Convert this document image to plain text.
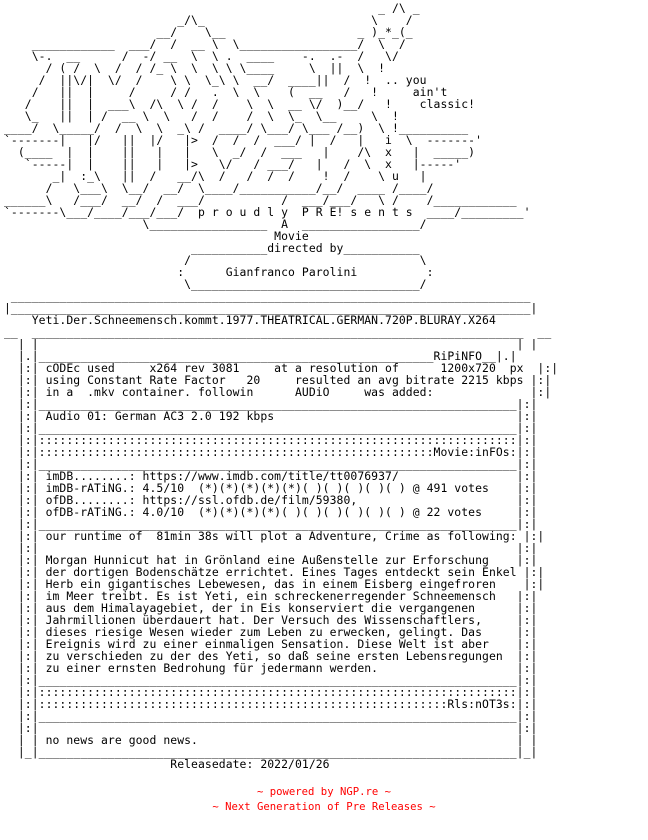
_ /\ _
_/\_                        \    /
__/    \__                   _ )_*_(_
____________  ___/  /  __ \  \_________________/  \  /
\-.  __      /  -/ __  \  \ .  ____    -.  .-  /   \/
/ ( /  \  /  / /_ \  \  \ \ \____     \  ||  \  !
/  ||\/|  \/  /    \ \  \_\ \  __/  ____||  /  !  .. you
/   ||  |     /     / /   .  \  \    (  __   /   !     ain't
/    ||  |  ___\  /\  \ /  /    \  \  __ \/  )__/   !    classic!
\_   ||  | /  __ \  \   /  /    /  \  \_  \__     \  !
____/  \_____/  /  \  \  _\ /  ____/ \___/ \___ /__)  \ !__________
`-------|   |/   ||  |/   |>  /  /  /  ___/ |  /   |   i  \  -------'
(____  |  |    ||   |   |   \  _/  /  ___   |    /\  x   |  _____)
`-----|  |    ||   |   |>   \/   / ___/   |   /  \  x   |-----'
_|  :_\   ||  /   __/\  /   /  /  /    !  /    \ u   |
/   \___\  \__/  __/  \____/___________/__/  ____ /____/
______\   /___/  __/  /  ___/           /  ___/___/   \ /    /____________
`-------\___/____/___/___/  p r o u d l y  P R E! s e n t s  ____/_________'
\_________________  A  _________________/
Movie
___________directed by___________
/                                 \
:      Gianfranco Parolini          :
\_________________________________/
___________________________________________________________________________
|___________________________________________________________________________|
Yeti.Der.Schneemensch.kommt.1977.THEATRICAL.GERMAN.720P.BLURAY.X264
__  _______________________________________________________________________  __
| |                                                                     | |
|.|_________________________________________________________RiPiNFO__|.|
|:| cODEc used     x264 rev 3081     at a resolution of      1200x720  px  |:|
|:| using Constant Rate Factor   20     resulted an avg bitrate 2215 kbps |:|
|:| in a  .mkv container. followin      AUDiO     was added:              |:|
|:|_____________________________________________________________________|:|
|:| Audio 01: German AC3 2.0 192 kbps                                   |:|
|:|_____________________________________________________________________|:|
|:|:::::::::::::::::::::::::::::::::::::::::::::::::::::::::::::::::::::|:|
|:|:::::::::::::::::::::::::::::::::::::::::::::::::::::::::Movie:inFOs:|:|
|:|_____________________________________________________________________|:|
|:| imDB........: https://www.imdb.com/title/tt0076937/                 |:|
|:| imDB-rATiNG.: 4.5/10  (*)(*)(*)(*)(*)( )( )( )( )( ) @ 491 votes    |:|
|:| ofDB........: https://ssl.ofdb.de/film/59380,                       |:|
|:| ofDB-rATiNG.: 4.0/10  (*)(*)(*)(*)( )( )( )( )( )( ) @ 22 votes     |:|
|:|_____________________________________________________________________|:|
|:| our runtime of  81min 38s will plot a Adventure, Crime as following: |:|
|:|                                                                     |:|
|:| Morgan Hunnicut hat in Grönland eine Außenstelle zur Erforschung    |:|
|:| der dortigen Bodenschätze errichtet. Eines Tages entdeckt sein Enkel |:|
|:| Herb ein gigantisches Lebewesen, das in einem Eisberg eingefroren    |:|
|:| im Meer treibt. Es ist Yeti, ein schreckenerregender Schneemensch   |:|
|:| aus dem Himalayagebiet, der in Eis konserviert die vergangenen      |:|
|:| Jahrmillionen überdauert hat. Der Versuch des Wissenschaftlers,     |:|
|:| dieses riesige Wesen wieder zum Leben zu erwecken, gelingt. Das     |:|
|:| Ereignis wird zu einer einmaligen Sensation. Diese Welt ist aber    |:|
|:| zu verschieden zu der des Yeti, so daß seine ersten Lebensregungen  |:|
|:| zu einer ernsten Bedrohung für jedermann werden.                    |:|
|:|_____________________________________________________________________|:|
|:|:::::::::::::::::::::::::::::::::::::::::::::::::::::::::::::::::::::|:|
|:|:::::::::::::::::::::::::::::::::::::::::::::::::::::::::::Rls:nOT3s:|:|
|:|_____________________________________________________________________|:|
|:|                                                                     |:|
| | no news are good news.                                              | |
|_|_____________________________________________________________________|_|
Releasedate: 2022/01/26
~ powered by NGP.re ~
~ Next Generation of Pre Releases ~
